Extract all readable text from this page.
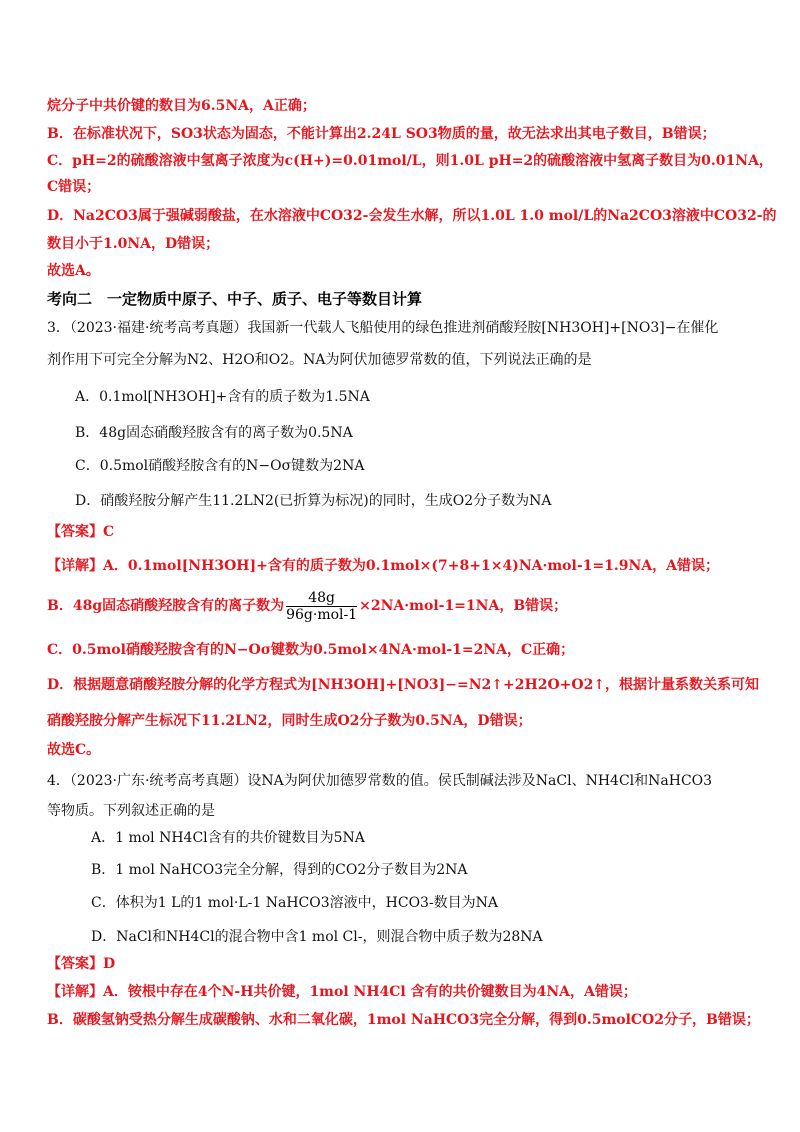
烷分子中共价键的数目为6.5NA，A正确；
B．在标准状况下，SO3状态为固态，不能计算出2.24L SO3物质的量，故无法求出其电子数目，B错误；
C．pH=2的硫酸溶液中氢离子浓度为c(H+)=0.01mol/L，则1.0L pH=2的硫酸溶液中氢离子数目为0.01NA，
C错误；
D．Na2CO3属于强碱弱酸盐，在水溶液中CO32-会发生水解，所以1.0L 1.0 mol/L的Na2CO3溶液中CO32-的
数目小于1.0NA，D错误；
故选A。
考向二　一定物质中原子、中子、质子、电子等数目计算
3．（2023·福建·统考高考真题）我国新一代载人飞船使用的绿色推进剂硝酸羟胺[NH3OH]+[NO3]−在催化
剂作用下可完全分解为N2、H2O和O2。NA为阿伏加德罗常数的值，下列说法正确的是
A．0.1mol[NH3OH]+含有的质子数为1.5NA
B．48g固态硝酸羟胺含有的离子数为0.5NA
C．0.5mol硝酸羟胺含有的N−Oσ键数为2NA
D．硝酸羟胺分解产生11.2LN2(已折算为标况)的同时，生成O2分子数为NA
【答案】C
【详解】A．0.1mol[NH3OH]+含有的质子数为0.1mol×(7+8+1×4)NA·mol-1=1.9NA，A错误；
B．48g固态硝酸羟胺含有的离子数为 $\frac{48g}{\text{96g·mol-1}} \times 2NA\cdot mol-1=1NA$，B错误；
C．0.5mol硝酸羟胺含有的N−Oσ键数为0.5mol×4NA·mol-1=2NA，C正确；
D．根据题意硝酸羟胺分解的化学方程式为[NH3OH]+[NO3]−=N2↑+2H2O+O2↑，根据计量系数关系可知
硝酸羟胺分解产生标况下11.2LN2，同时生成O2分子数为0.5NA，D错误；
故选C。
4．（2023·广东·统考高考真题）设NA为阿伏加德罗常数的值。侯氏制碱法涉及NaCl、NH4Cl和NaHCO3
等物质。下列叙述正确的是
A．1 mol NH4Cl含有的共价键数目为5NA
B．1 mol NaHCO3完全分解，得到的CO2分子数目为2NA
C．体积为1 L的1 mol·L-1 NaHCO3溶液中，HCO3-数目为NA
D．NaCl和NH4Cl的混合物中含1 mol Cl-，则混合物中质子数为28NA
【答案】D
【详解】A．铵根中存在4个N-H共价键，1mol NH4Cl 含有的共价键数目为4NA，A错误；
B．碳酸氢钠受热分解生成碳酸钠、水和二氧化碳，1mol NaHCO3完全分解，得到0.5molCO2分子，B错误；
